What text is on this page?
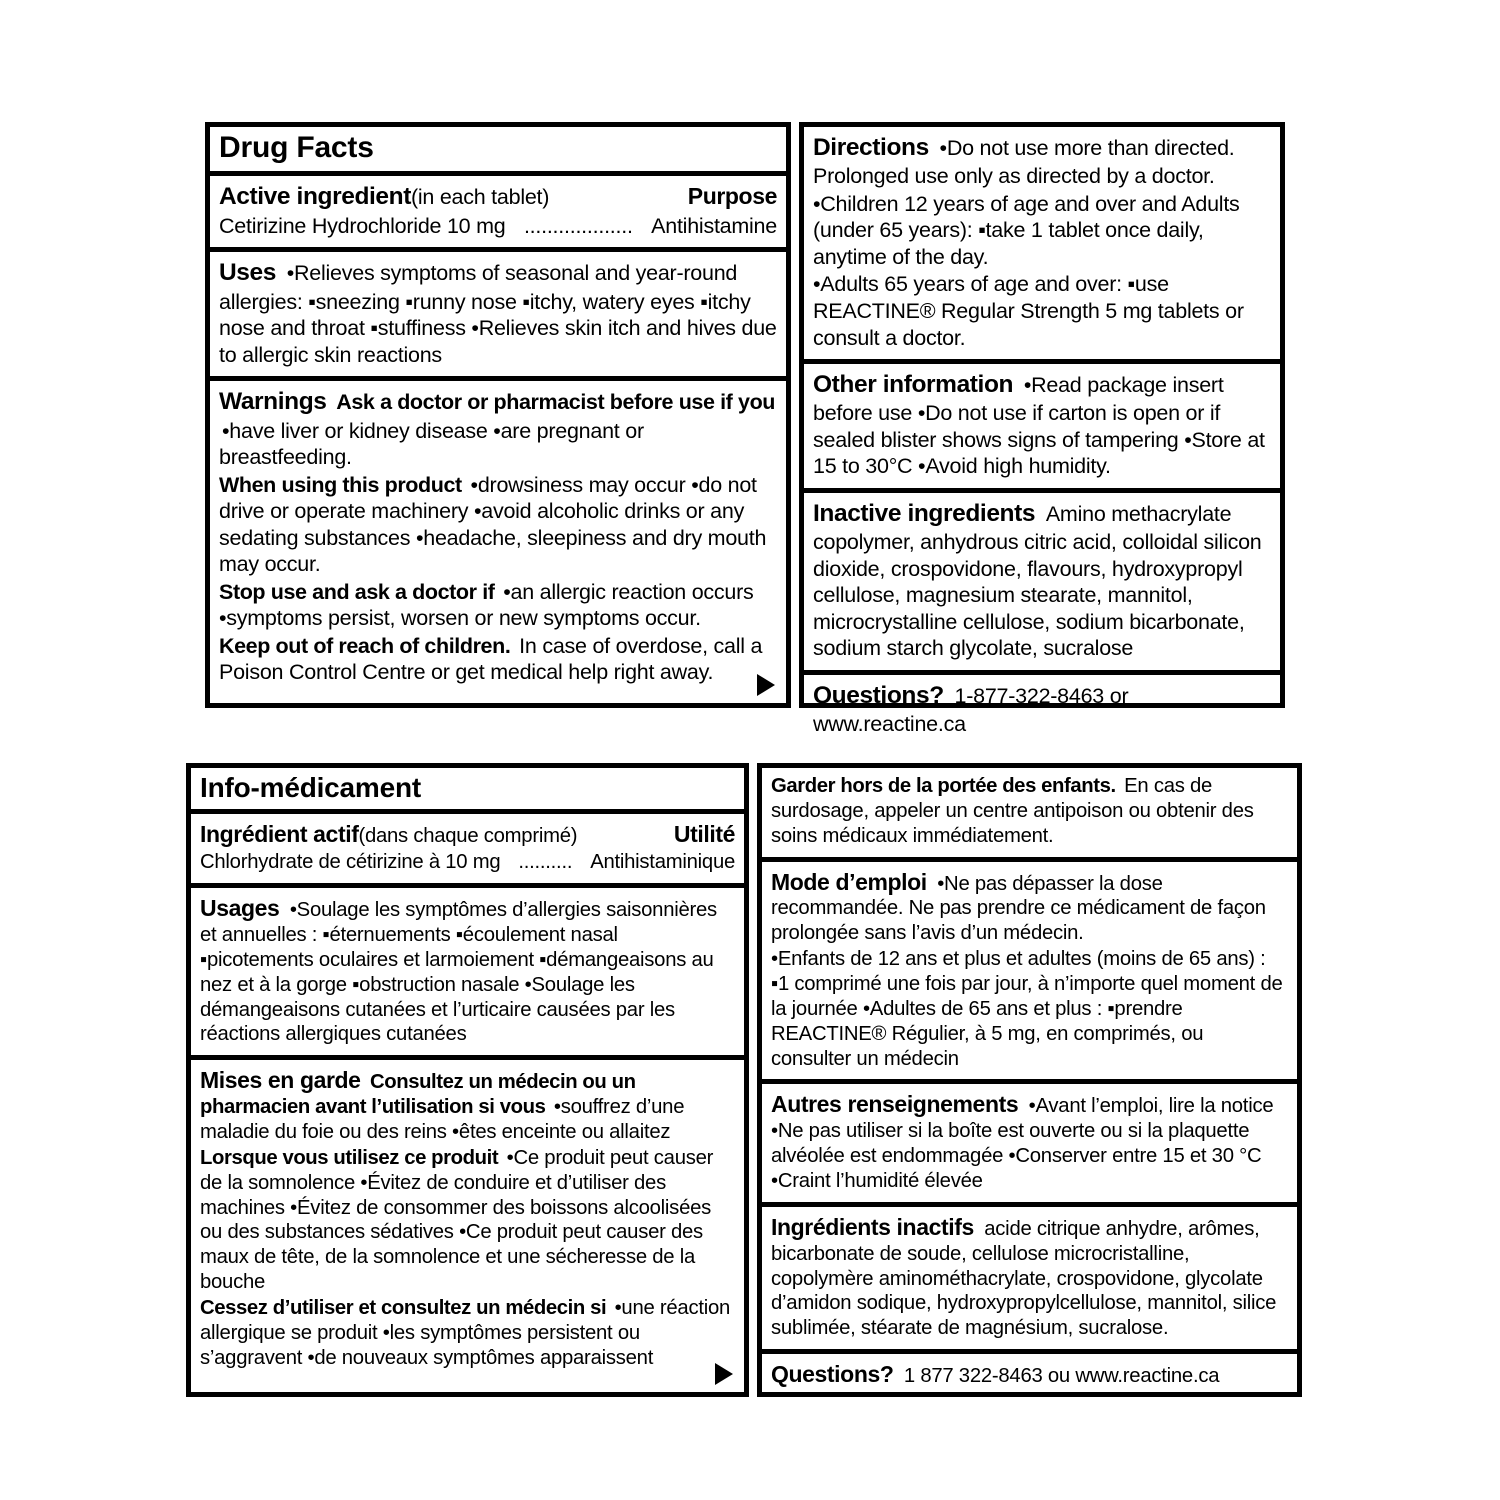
Drug Facts
Active ingredient(in each tablet)	Purpose
Cetirizine Hydrochloride 10 mg ................... Antihistamine
Uses •Relieves symptoms of seasonal and year-round allergies: ▪sneezing ▪runny nose ▪itchy, watery eyes ▪itchy nose and throat ▪stuffiness •Relieves skin itch and hives due to allergic skin reactions

Warnings Ask a doctor or pharmacist before use if you •have liver or kidney disease •are pregnant or breastfeeding.

When using this product •drowsiness may occur •do not drive or operate machinery •avoid alcoholic drinks or any sedating substances •headache, sleepiness and dry mouth may occur.

Stop use and ask a doctor if •an allergic reaction occurs •symptoms persist, worsen or new symptoms occur.

Keep out of reach of children. In case of overdose, call a Poison Control Centre or get medical help right away.

Directions •Do not use more than directed. Prolonged use only as directed by a doctor.

•Children 12 years of age and over and Adults (under 65 years): ▪take 1 tablet once daily, anytime of the day.

•Adults 65 years of age and over: ▪use REACTINE® Regular Strength 5 mg tablets or consult a doctor.

Other information •Read package insert before use •Do not use if carton is open or if sealed blister shows signs of tampering •Store at 15 to 30°C •Avoid high humidity.
Inactive ingredients Amino methacrylate copolymer, anhydrous citric acid, colloidal silicon dioxide, crospovidone, flavours, hydroxypropyl cellulose, magnesium stearate, mannitol, microcrystalline cellulose, sodium bicarbonate, sodium starch glycolate, sucralose
Questions? 1-877-322-8463 or www.reactine.ca
Info-médicament
Ingrédient actif(dans chaque comprimé)	Utilité
Chlorhydrate de cétirizine à 10 mg .......... Antihistaminique
Usages •Soulage les symptômes d’allergies saisonnières et annuelles : ▪éternuements ▪écoulement nasal ▪picotements oculaires et larmoiement ▪démangeaisons au nez et à la gorge ▪obstruction nasale •Soulage les démangeaisons cutanées et l’urticaire causées par les réactions allergiques cutanées

Mises en garde Consultez un médecin ou un pharmacien avant l’utilisation si vous •souffrez d’une maladie du foie ou des reins •êtes enceinte ou allaitez

Lorsque vous utilisez ce produit •Ce produit peut causer de la somnolence •Évitez de conduire et d’utiliser des machines •Évitez de consommer des boissons alcoolisées ou des substances sédatives •Ce produit peut causer des maux de tête, de la somnolence et une sécheresse de la bouche

Cessez d’utiliser et consultez un médecin si •une réaction allergique se produit •les symptômes persistent ou s’aggravent •de nouveaux symptômes apparaissent

Garder hors de la portée des enfants. En cas de surdosage, appeler un centre antipoison ou obtenir des soins médicaux immédiatement.

Mode d’emploi •Ne pas dépasser la dose recommandée. Ne pas prendre ce médicament de façon prolongée sans l’avis d’un médecin.

•Enfants de 12 ans et plus et adultes (moins de 65 ans) : ▪1 comprimé une fois par jour, à n’importe quel moment de la journée •Adultes de 65 ans et plus : ▪prendre REACTINE® Régulier, à 5 mg, en comprimés, ou consulter un médecin

Autres renseignements •Avant l’emploi, lire la notice •Ne pas utiliser si la boîte est ouverte ou si la plaquette alvéolée est endommagée •Conserver entre 15 et 30 °C •Craint l’humidité élevée
Ingrédients inactifs acide citrique anhydre, arômes, bicarbonate de soude, cellulose microcristalline, copolymère aminométhacrylate, crospovidone, glycolate d’amidon sodique, hydroxypropylcellulose, mannitol, silice sublimée, stéarate de magnésium, sucralose.
Questions? 1 877 322-8463 ou www.reactine.ca
